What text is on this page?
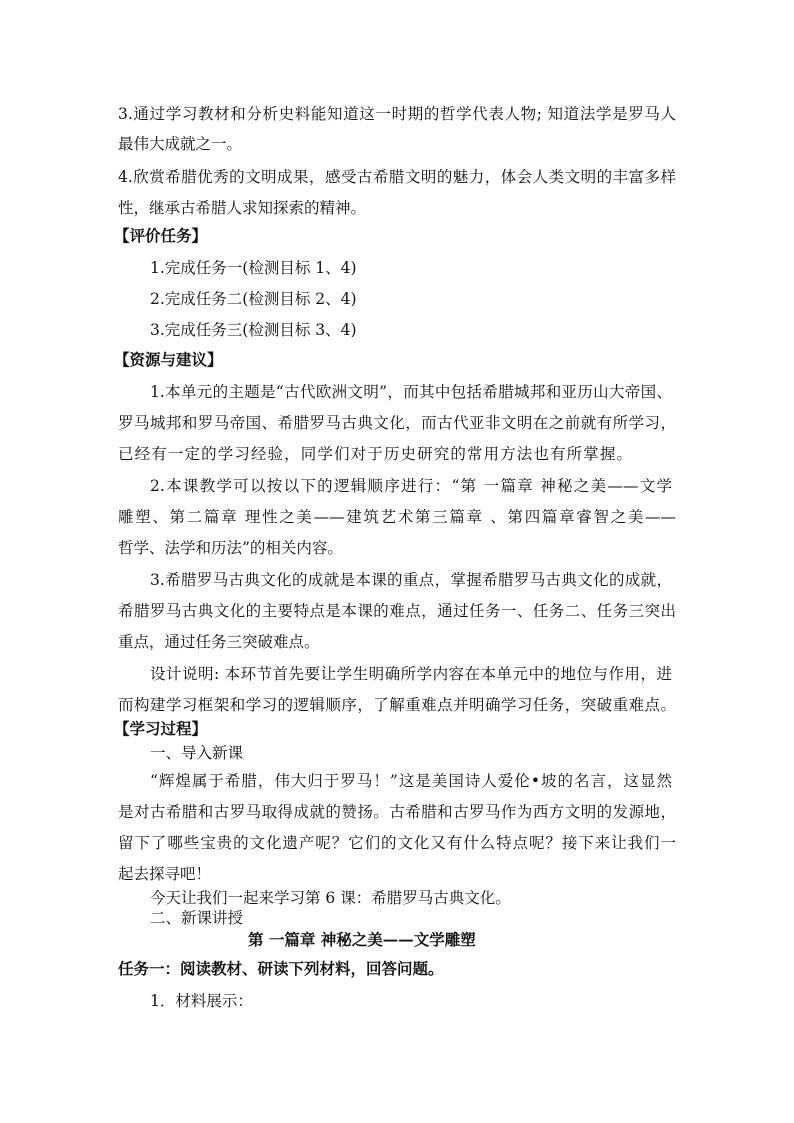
3.通过学习教材和分析史料能知道这一时期的哲学代表人物; 知道法学是罗马人
最伟大成就之一。
4.欣赏希腊优秀的文明成果，感受古希腊文明的魅力，体会人类文明的丰富多样
性，继承古希腊人求知探索的精神。
【评价任务】
1.完成任务一(检测目标 1、4)
2.完成任务二(检测目标 2、4)
3.完成任务三(检测目标 3、4)
【资源与建议】
1.本单元的主题是“古代欧洲文明”，而其中包括希腊城邦和亚历山大帝国、
罗马城邦和罗马帝国、希腊罗马古典文化，而古代亚非文明在之前就有所学习，
已经有一定的学习经验，同学们对于历史研究的常用方法也有所掌握。
2.本课教学可以按以下的逻辑顺序进行：“第 一篇章 神秘之美——文学
雕塑、第二篇章 理性之美——建筑艺术第三篇章 、第四篇章睿智之美——
哲学、法学和历法”的相关内容。
3.希腊罗马古典文化的成就是本课的重点，掌握希腊罗马古典文化的成就，
希腊罗马古典文化的主要特点是本课的难点，通过任务一、任务二、任务三突出
重点，通过任务三突破难点。
设计说明: 本环节首先要让学生明确所学内容在本单元中的地位与作用，进
而构建学习框架和学习的逻辑顺序，了解重难点并明确学习任务，突破重难点。
【学习过程】
一、导入新课
“辉煌属于希腊，伟大归于罗马！”这是美国诗人爱伦•坡的名言，这显然
是对古希腊和古罗马取得成就的赞扬。古希腊和古罗马作为西方文明的发源地，
留下了哪些宝贵的文化遗产呢？它们的文化又有什么特点呢？接下来让我们一
起去探寻吧！
今天让我们一起来学习第 6 课：希腊罗马古典文化。
二、新课讲授
第 一篇章 神秘之美——文学雕塑
任务一：阅读教材、研读下列材料，回答问题。
1．材料展示：
